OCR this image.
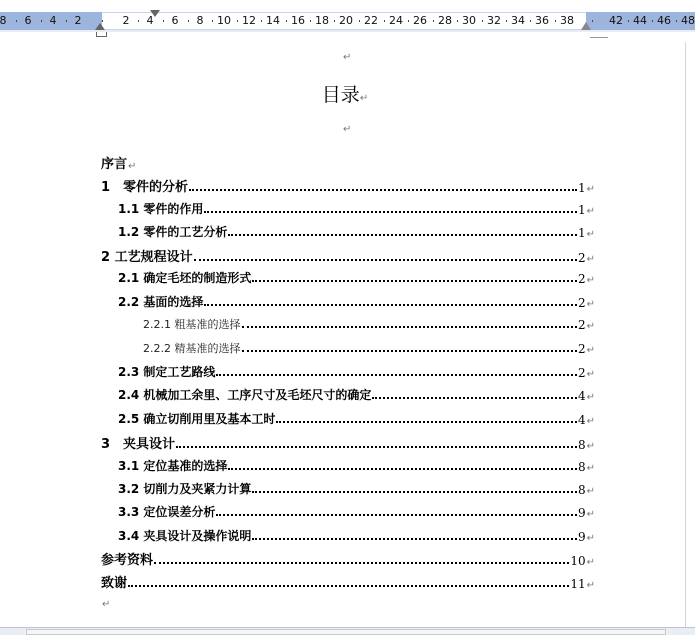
8	6	4	2	2	4	6	8	10	12 14	16 18 20	22	24 26	28 30	32 34 36	38	42 44 46 48
↵
目录↵
↵
序言 ↵
1　零件的分析	1 ↵
1.1 零件的作用	1 ↵
1.2 零件的工艺分析	1 ↵
2 工艺规程设计	2 ↵
2.1 确定毛坯的制造形式	2 ↵
2.2 基面的选择	2 ↵
2.2.1 粗基准的选择	2 ↵
2.2.2 精基准的选择	2 ↵
2.3 制定工艺路线	2 ↵
2.4 机械加工余里、工序尺寸及毛坯尺寸的确定	4 ↵
2.5 确立切削用里及基本工时	4 ↵
3　夹具设计	8 ↵
3.1 定位基准的选择	8 ↵
3.2 切削力及夹紧力计算	8 ↵
3.3 定位误差分析	9 ↵
3.4 夹具设计及操作说明	9 ↵
参考资料	10 ↵
致谢	11 ↵
↵
